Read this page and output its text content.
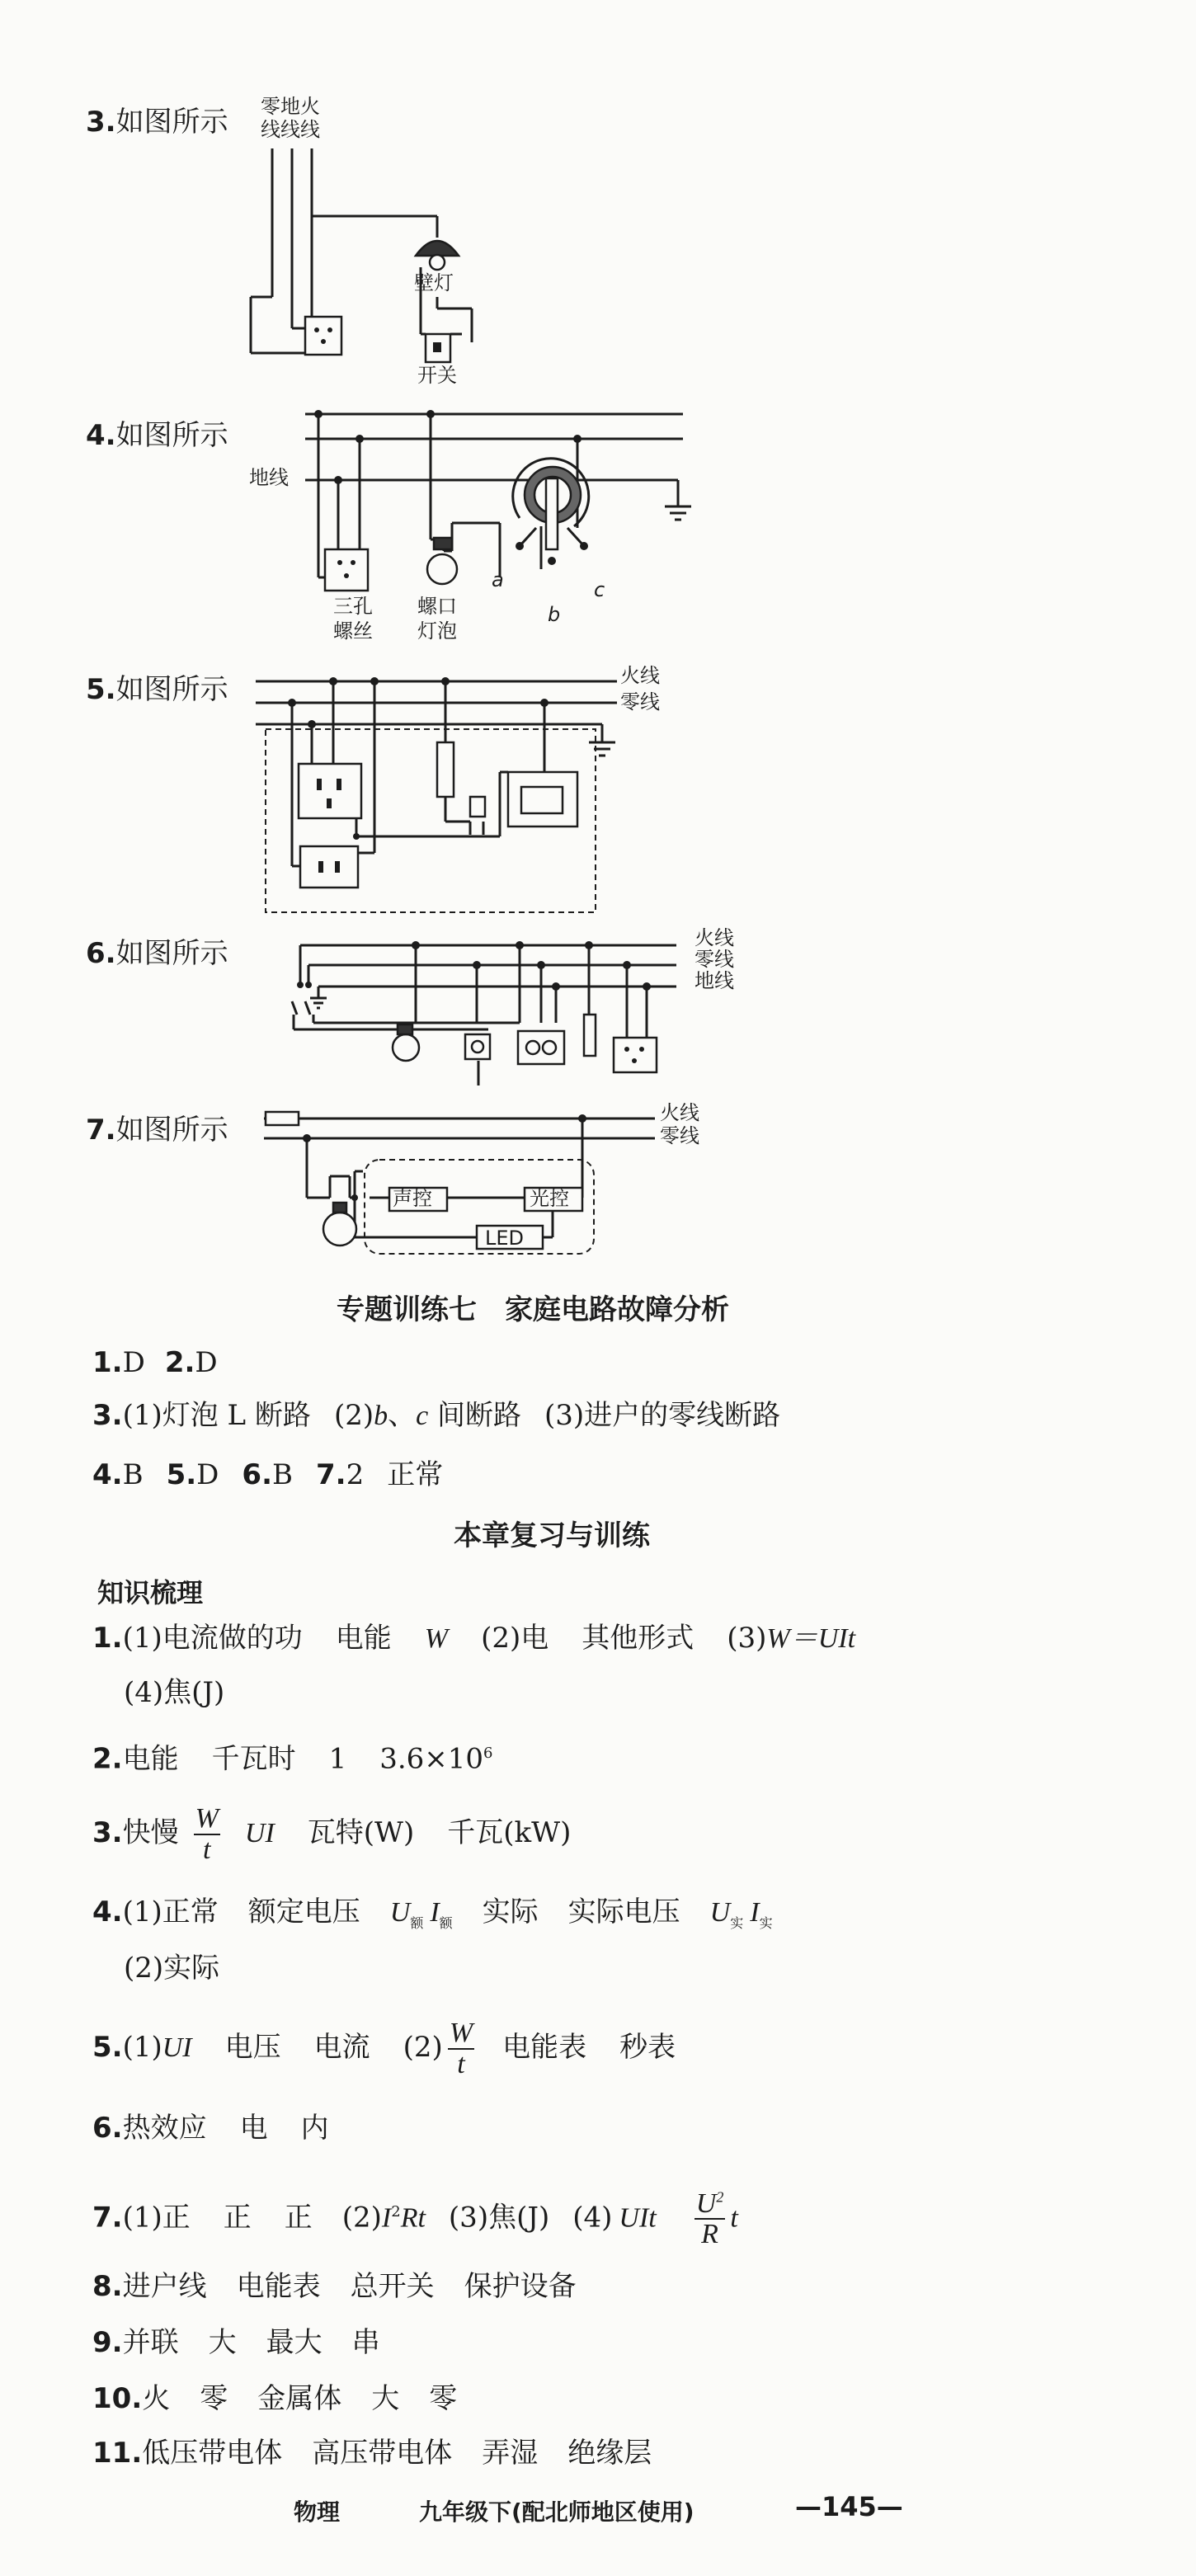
3.如图所示 零地火
线线线
壁灯
开关
4.如图所示
地线
a
b
c
三孔
螺丝
螺口
灯泡
5.如图所示	火线
零线
6.如图所示	火线
零线
地线
7.如图所示
火线
零线
声控	光控
LED
专题训练七　家庭电路故障分析
1.D 2.D
3.(1)灯泡 L 断路 (2)b、c 间断路 (3)进户的零线断路
4.B 5.D 6.B 7.2 正常
本章复习与训练
知识梳理
1.(1)电流做的功 电能 W (2)电 其他形式 (3)W＝UIt
(4)焦(J)
2.电能 千瓦时 1 $3.6\times 10^6$
3.快慢 $\frac{W}{t}$ UI 瓦特(W) 千瓦(kW)
4.(1)正常 额定电压 $U_额$ $I_额$ 实际 实际电压 $U_实$ $I_实$
(2)实际
5.(1)UI 电压 电流 $(2) \frac{W}{t}$ 电能表 秒表
6.热效应 电 内
7.(1)正 正 正 $(2)I^2Rt$ (3)焦(J) (4) UIt $\frac{U^2}{R}$ t
8.进户线 电能表 总开关 保护设备
9.并联 大 最大 串
10.火 零 金属体 大 零
11.低压带电体 高压带电体 弄湿 绝缘层
物理	九年级下(配北师地区使用)	—145—
